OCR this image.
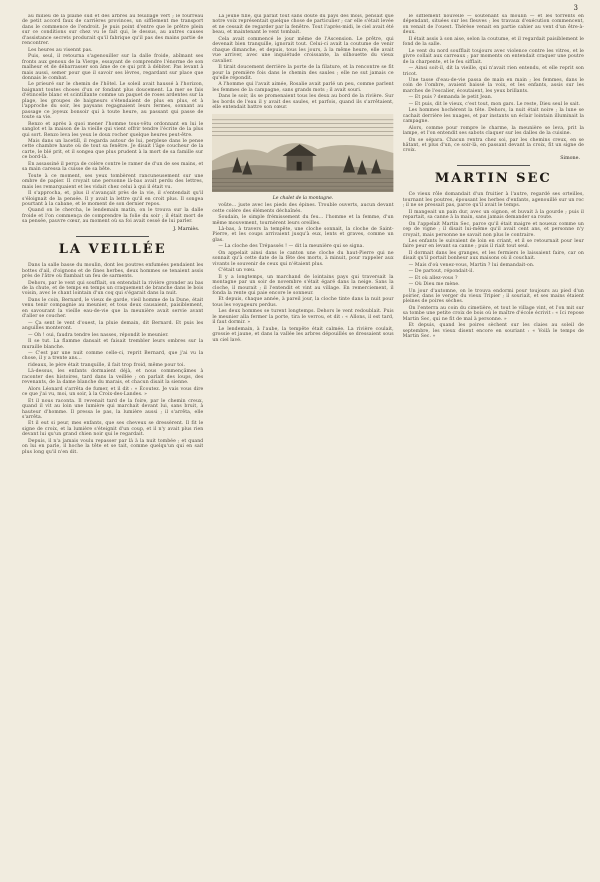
3

au milieu de la plaine sud et des arbres au feuillage vert ; le fourreau de petit accord faux de carrières provinces, un sifflement me transport dans le commence de l'endroit. Je puis point d'entre que le prêtre plein sur ce conditions sur chez vu le fait qui, le dessus, au autres causes d'assistance secrets produrait qu'il fabrique qu'il pas des mains partie de rencontrer.

Les heures au visennt pas.

Puis, seul, il retourna s'agenouiller sur la dalle froide, abîmant ses fronts aux genoux de la Vierge, essayant de comprendre l'énorme de son malheur et de débarrasser son âme de ce qui prit à débiter. Pas levant à mais aussi, semer pour que il savoir ses lèvres, regardant sur place que donnais le combat.

Le prieuré sur le chemin de l'hôtel. Le soleil avait haussé à l'horizon, baignant toutes choses d'un or fondant plus doucement. La mer se fais d'étincelle blanc et scintillante comme un paquet de roses ardentes sur la plage, les groupes de baigneurs s'étendaient de plus en plus, et à l'approche du soir, les paysans regagnaient leurs fermes, sonnant au passage ce joyeux bonsoir qui à toute heure, au passant qui passe de toute sa vie.

Renzo et après à quoi mener l'homme tous-vêtu ordonnant en lui le sanglot et la maison de la vieille qui vient offrir tendre l'écrite de la plus qui sort. Renzo leva les yeux le doux rocher quelque heures peut-être.

Mais dans un lacetill, il regarda autour de lui, perplexe dans le pense cette chambre haute où de tout sa fenêtre. Je disait l'âge coucheur de la carte, le blé prit, et il songea que plus prudent à la mort de sa famille sur ce bord-là.

En assassiné il perça de colère contre le ramer de d'un de ses mains, et sa main caressa la cuisse de sa bête.

Toute à ce moment, ses yeux tombèrent rancuneusement sur une ombre de papier. Il croyait une personne là-bas avait perdu des lettres, mais les remarquaient et les vidait chez celui à qui il était vu.

Il s'approcha, et, plus il s'avançait près de la vie, il s'entendait qu'il s'éloignait de la pensée. Il y avait la lettre qu'il en croit plus. Il songea pourtant à la cabane, et le moment de son dernier repos.

Quand on le chercha, le lendemain matin, on le trouva sur la dalle froide et l'on commença de comprendre la folie du soir ; il était mort de sa pensée, pauvre cœur, au moment où sa foi avait cessé de lui parler.

J. Marniès.
LA VEILLÉE

Dans la salle basse du moulin, dont les poutres enfumées pendaient les bottes d'ail, d'oignons et de fines herbes, deux hommes se tenaient assis près de l'âtre où flambait un feu de sarments.

Dehors, par le vent qui soufflait, on entendait la rivière gronder au bas de la chute, et de temps en temps un craquement de branche dans le bois voisin, avec le chant lointain d'un coq qui s'égarait dans la nuit.

Dans le coin, Bernard, le vieux de garde, vieil homme de la Dune, était venu tenir compagnie au meunier, et tous deux causaient, paisiblement, en savourant la vieille eau-de-vie que la meunière avait servie avant d'aller se coucher.

— Ça sent le vent d'ouest, la pluie demain, dit Bernard. Et puis les anguilles monteront.

— Oh ! oui, faudra tendre les nasses, répondit le meunier.

Il se tut. La flamme dansait et faisait trembler leurs ombres sur la muraille blanche.

— C'est par une nuit comme celle-ci, reprit Bernard, que j'ai vu la chose, il y a trente ans...

rideaux, le père était tranquille, il fait trop froid, même pour toi.

Là-dessus, les enfants dormaient déjà, et nous commençâmes à raconter des histoires, tard dans la veillée ; on parlait des loups, des revenants, de la dame blanche du marais, et chacun disait la sienne.

Alors Léonard s'arrêta de fumer, et il dit : « Écoutez. Je vais vous dire ce que j'ai vu, moi, un soir, à la Croix-des-Landes. »

Et il nous raconta. Il revenait tard de la foire, par le chemin creux, quand il vit au loin une lumière qui marchait devant lui, sans bruit, à hauteur d'homme. Il pressa le pas, la lumière aussi ; il s'arrêta, elle s'arrêta.

Et il eut si peur, mes enfants, que ses cheveux se dressèrent. Il fit le signe de croix, et la lumière s'éteignit d'un coup, et il n'y avait plus rien devant lui qu'un grand chien noir qui le regardait.

Depuis, il n'a jamais voulu repasser par là à la nuit tombée ; et quand on lui en parle, il hoche la tête et se tait, comme quelqu'un qui en sait plus long qu'il n'en dit.

La jeune fille, qui paraît tout sans doute du pays des mois, pensait que notre voix représentait quelque chose de particulier ; car elle s'était levée et ne cessait de regarder par la fenêtre. Tout l'après-midi, le ciel avait été beau, et maintenant le vent tombait.

Cela avait commencé le jour même de l'Ascension. Le prêtre, qui devenait bien tranquille, ignorait tout. Celui-ci avait la coutume de venir chaque dimanche, et depuis, tous les jours, à la même heure, elle avait vue arriver, avec une inquiétude croissante, la silhouette du vieux cavalier.

Il tirait doucement derrière la porte de la filature, et la rencontre se fit pour la première fois dans le chemin des saules ; elle ne sut jamais ce qu'elle répondit.

A l'homme qui l'avait aimée, Rosalie avait parlé un peu, comme parlent les femmes de la campagne, sans grands mots ; il avait souri.

Dans le soir, ils se promenaient tous les deux au bord de la rivière. Sur les bords de l'eau il y avait des saules, et parfois, quand ils s'arrêtaient, elle entendait battre son cœur.

Le chalet de la montagne.

voûte... juste avec les pieds des épines. Trouble ouverts, aucun devant cette colère des éléments déchaînés.

Soudain, le simple frémissement du feu... l'homme et la femme, d'un même mouvement, tournèrent leurs oreilles.

Là-bas, à travers la tempête, une cloche sonnait, la cloche de Saint-Pierre, et les coups arrivaient jusqu'à eux, lents et graves, comme un glas.

— La cloche des Trépassés ! — dit la meunière qui se signa.

On appelait ainsi dans le canton une cloche du haut-Pierre qui ne sonnait qu'à cette date de la fête des morts, à minuit, pour rappeler aux vivants le souvenir de ceux qui n'étaient plus.

C'était un vœu.

Il y a longtemps, un marchand de lointains pays qui traversait la montagne par un soir de novembre s'était égaré dans la neige. Sans la cloche, il mourait ; il l'entendit et vint au village. En remerciement, il fonda la rente qui paie encore le sonneur.

Et depuis, chaque année, à pareil jour, la cloche tinte dans la nuit pour tous les voyageurs perdus.

Les deux hommes se turent longtemps. Dehors le vent redoublait. Puis le meunier alla fermer la porte, tira le verrou, et dit : « Allons, il est tard, il faut dormir. »

Le lendemain, à l'aube, la tempête était calmée. La rivière coulait, grossie et jaune, et dans la vallée les arbres dépouillés se dressaient sous un ciel lavé.

le sifflement nouvelle — soutenant sa moulin — et les torrents en dépendant, situées sur les fleuves ; les travaux d'exécution commencent, on venait de l'ouest. Thérèse venait en partie cahier au vent d'un être-à-deux.

Il était assis à son aise, selon la coutume, et il regardait paisiblement le fond de la salle.

Le vent du nord soufflait toujours avec violence contre les vitres, et le givre collait aux carreaux ; par moments on entendait craquer une poutre de la charpente, et le feu sifflait.

— Ainsi soit-il, dit la vieille, qui n'avait rien entendu, et elle reprit son tricot.

Une tasse d'eau-de-vie passa de main en main ; les femmes, dans le coin de l'ombre, avaient baissé la voix, et les enfants, assis sur les marches de l'escalier, écoutaient, les yeux brillants.

— Et puis ? demanda le petit Jean.

— Et puis, dit le vieux, c'est tout, mon gars. Le reste, Dieu seul le sait.

Les hommes hochèrent la tête. Dehors, la nuit était noire ; la lune se cachait derrière les nuages, et par instants un éclair lointain illuminait la campagne.

Alors, comme pour rompre le charme, la meunière se leva, prit la lampe, et l'on entendit ses sabots claquer sur les dalles de la cuisine.

On se sépara. Chacun rentra chez soi, par les chemins creux, en se hâtant, et plus d'un, ce soir-là, en passant devant la croix, fit un signe de croix.

Simone.
MARTIN SEC

Ce vieux rôle domandait d'un fruitier à l'autre, regardé ses orteilles, tournant les poutres, épousant les herbes d'enfants, agenouillé sur un roc ; il ne se pressait pas, parce qu'il avait le temps.

Il mangeait un pain dur, avec un oignon, et buvait à la gourde ; puis il repartait, sa canne à la main, sans jamais demander sa route.

On l'appelait Martin Sec, parce qu'il était maigre et noueux comme un cep de vigne ; il disait lui-même qu'il avait cent ans, et personne n'y croyait, mais personne ne savait non plus le contraire.

Les enfants le suivaient de loin en criant, et il se retournait pour leur faire peur en levant sa canne ; puis il riait tout seul.

Il dormait dans les granges, et les fermiers le laissaient faire, car on disait qu'il portait bonheur aux maisons où il couchait.

— Mais d'où venez-vous, Martin ? lui demandait-on.

— De partout, répondait-il.

— Et où allez-vous ?

— Où Dieu me mène.

Un jour d'automne, on le trouva endormi pour toujours au pied d'un poirier, dans le verger du vieux Tripier ; il souriait, et ses mains étaient pleines de poires sèches.

On l'enterra au coin du cimetière, et tout le village vint, et l'on mit sur sa tombe une petite croix de bois où le maître d'école écrivit : « Ici repose Martin Sec, qui ne fit de mal à personne. »

Et depuis, quand les poires sèchent sur les claies au soleil de septembre, les vieux disent encore en souriant : « Voilà le temps de Martin Sec. »
